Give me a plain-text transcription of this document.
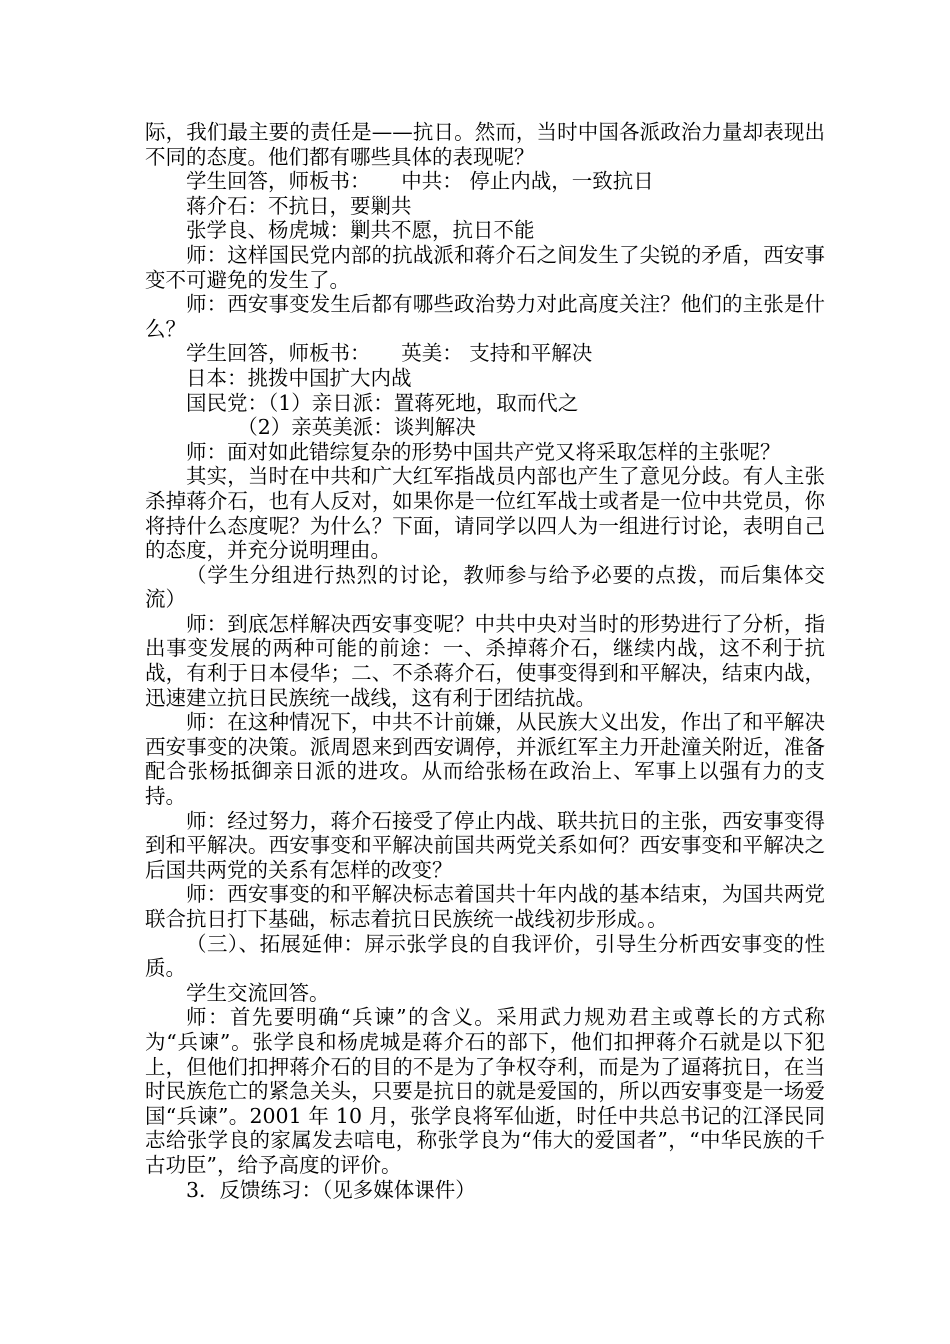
际，我们最主要的责任是——抗日。然而，当时中国各派政治力量却表现出不同的态度。他们都有哪些具体的表现呢？

学生回答，师板书：　　中共： 停止内战，一致抗日

蒋介石：不抗日，要剿共

张学良、杨虎城：剿共不愿，抗日不能

师：这样国民党内部的抗战派和蒋介石之间发生了尖锐的矛盾，西安事变不可避免的发生了。

师：西安事变发生后都有哪些政治势力对此高度关注？他们的主张是什么？

学生回答，师板书：　　英美： 支持和平解决

日本：挑拨中国扩大内战

国民党：（1）亲日派：置蒋死地，取而代之

（2）亲英美派：谈判解决

师：面对如此错综复杂的形势中国共产党又将采取怎样的主张呢？

其实，当时在中共和广大红军指战员内部也产生了意见分歧。有人主张杀掉蒋介石，也有人反对，如果你是一位红军战士或者是一位中共党员，你将持什么态度呢？为什么？下面，请同学以四人为一组进行讨论，表明自己的态度，并充分说明理由。

（学生分组进行热烈的讨论，教师参与给予必要的点拨，而后集体交流）

师：到底怎样解决西安事变呢？中共中央对当时的形势进行了分析，指出事变发展的两种可能的前途：一、杀掉蒋介石，继续内战，这不利于抗战，有利于日本侵华；二、不杀蒋介石，使事变得到和平解决，结束内战，迅速建立抗日民族统一战线，这有利于团结抗战。

师：在这种情况下，中共不计前嫌，从民族大义出发，作出了和平解决西安事变的决策。派周恩来到西安调停，并派红军主力开赴潼关附近，准备配合张杨抵御亲日派的进攻。从而给张杨在政治上、军事上以强有力的支持。

师：经过努力，蒋介石接受了停止内战、联共抗日的主张，西安事变得到和平解决。西安事变和平解决前国共两党关系如何？西安事变和平解决之后国共两党的关系有怎样的改变？

师：西安事变的和平解决标志着国共十年内战的基本结束，为国共两党联合抗日打下基础，标志着抗日民族统一战线初步形成。。

（三）、拓展延伸：屏示张学良的自我评价，引导生分析西安事变的性质。

学生交流回答。

师：首先要明确“兵谏”的含义。采用武力规劝君主或尊长的方式称为“兵谏”。张学良和杨虎城是蒋介石的部下，他们扣押蒋介石就是以下犯上，但他们扣押蒋介石的目的不是为了争权夺利，而是为了逼蒋抗日，在当时民族危亡的紧急关头，只要是抗日的就是爱国的，所以西安事变是一场爱国“兵谏”。2001 年 10 月，张学良将军仙逝，时任中共总书记的江泽民同志给张学良的家属发去唁电，称张学良为“伟大的爱国者”，“中华民族的千古功臣”，给予高度的评价。

3．反馈练习：（见多媒体课件）
